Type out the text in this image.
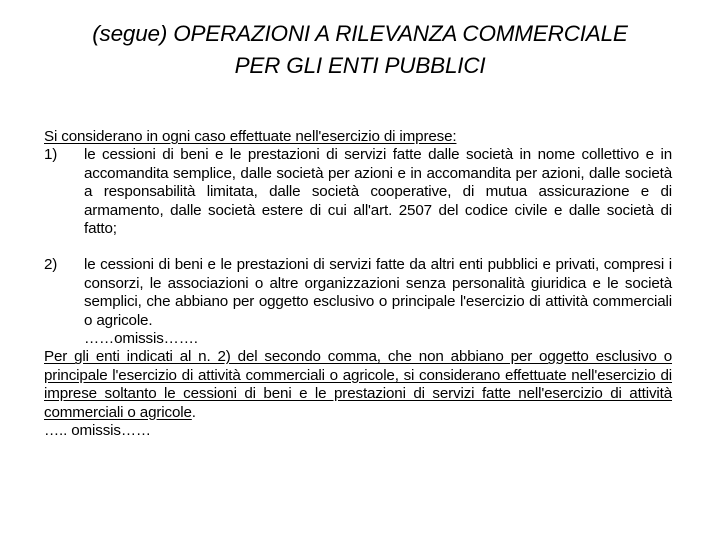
(segue) OPERAZIONI A RILEVANZA COMMERCIALE
PER GLI ENTI PUBBLICI
Si considerano in ogni caso effettuate nell'esercizio di imprese:
1)	le cessioni di beni e le prestazioni di servizi fatte dalle società in nome collettivo e in accomandita semplice, dalle società per azioni e in accomandita per azioni, dalle società a responsabilità limitata, dalle società cooperative, di mutua assicurazione e di armamento, dalle società estere di cui all'art. 2507 del codice civile e dalle società di fatto;
2)	le cessioni di beni e le prestazioni di servizi fatte da altri enti pubblici e privati, compresi i consorzi, le associazioni o altre organizzazioni senza personalità giuridica e le società semplici, che abbiano per oggetto esclusivo o principale l'esercizio di attività commerciali o agricole.
……omissis…….
Per gli enti indicati al n. 2) del secondo comma, che non abbiano per oggetto esclusivo o principale l'esercizio di attività commerciali o agricole, si considerano effettuate nell'esercizio di imprese soltanto le cessioni di beni e le prestazioni di servizi fatte nell'esercizio di attività commerciali o agricole.
….. omissis……
